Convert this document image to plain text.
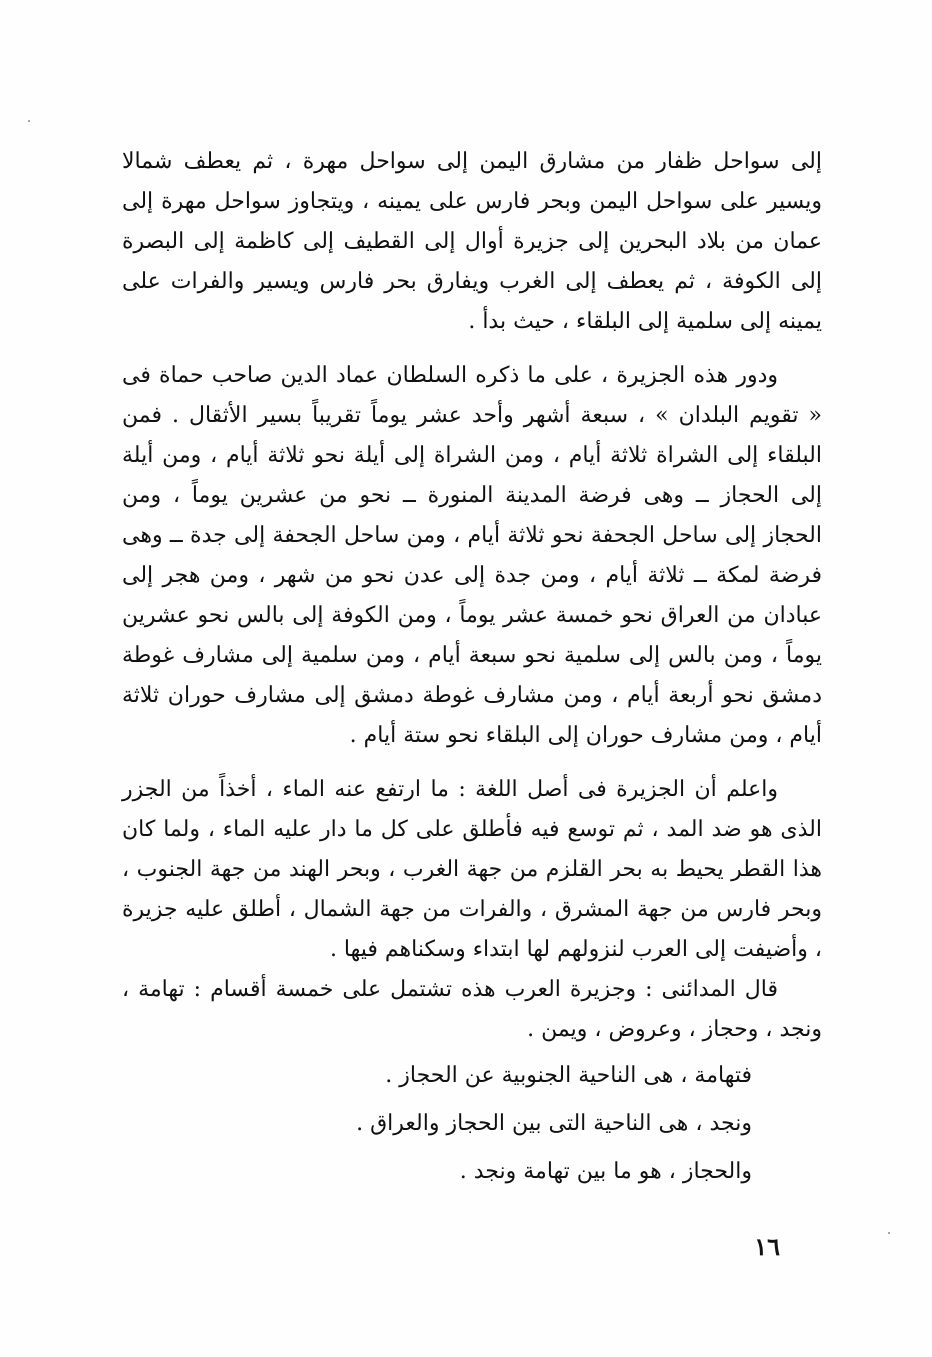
إلى سواحل ظفار من مشارق اليمن إلى سواحل مهرة ، ثم يعطف شمالا ويسير على سواحل اليمن وبحر فارس على يمينه ، ويتجاوز سواحل مهرة إلى عمان من بلاد البحرين إلى جزيرة أوال إلى القطيف إلى كاظمة إلى البصرة إلى الكوفة ، ثم يعطف إلى الغرب ويفارق بحر فارس ويسير والفرات على يمينه إلى سلمية إلى البلقاء ، حيث بدأ .

ودور هذه الجزيرة ، على ما ذكره السلطان عماد الدين صاحب حماة فى « تقويم البلدان » ، سبعة أشهر وأحد عشر يوماً تقريباً بسير الأثقال . فمن البلقاء إلى الشراة ثلاثة أيام ، ومن الشراة إلى أيلة نحو ثلاثة أيام ، ومن أيلة إلى الحجاز ــ وهى فرضة المدينة المنورة ــ نحو من عشرين يوماً ، ومن الحجاز إلى ساحل الجحفة نحو ثلاثة أيام ، ومن ساحل الجحفة إلى جدة ــ وهى فرضة لمكة ــ ثلاثة أيام ، ومن جدة إلى عدن نحو من شهر ، ومن هجر إلى عبادان من العراق نحو خمسة عشر يوماً ، ومن الكوفة إلى بالس نحو عشرين يوماً ، ومن بالس إلى سلمية نحو سبعة أيام ، ومن سلمية إلى مشارف غوطة دمشق نحو أربعة أيام ، ومن مشارف غوطة دمشق إلى مشارف حوران ثلاثة أيام ، ومن مشارف حوران إلى البلقاء نحو ستة أيام .

واعلم أن الجزيرة فى أصل اللغة : ما ارتفع عنه الماء ، أخذاً من الجزر الذى هو ضد المد ، ثم توسع فيه فأطلق على كل ما دار عليه الماء ، ولما كان هذا القطر يحيط به بحر القلزم من جهة الغرب ، وبحر الهند من جهة الجنوب ، وبحر فارس من جهة المشرق ، والفرات من جهة الشمال ، أطلق عليه جزيرة ، وأضيفت إلى العرب لنزولهم لها ابتداء وسكناهم فيها .

قال المدائنى : وجزيرة العرب هذه تشتمل على خمسة أقسام : تهامة ، ونجد ، وحجاز ، وعروض ، ويمن .

فتهامة ، هى الناحية الجنوبية عن الحجاز .

ونجد ، هى الناحية التى بين الحجاز والعراق .

والحجاز ، هو ما بين تهامة ونجد .

١٦
